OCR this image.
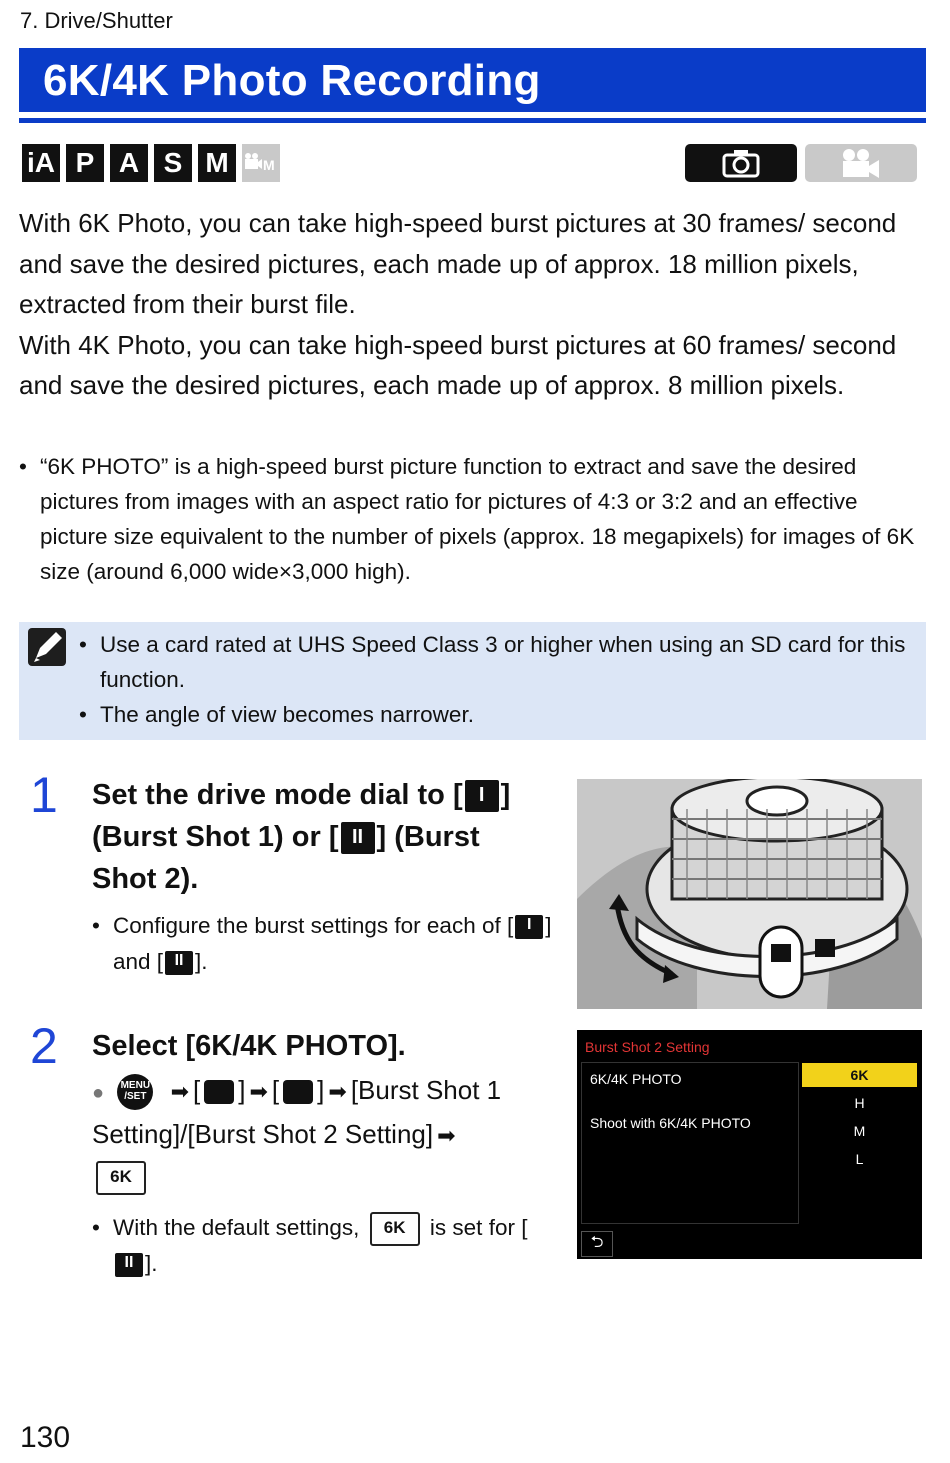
7. Drive/Shutter
6K/4K Photo Recording
iA P A S M	M

With 6K Photo, you can take high-speed burst pictures at 30 frames/ second and save the desired pictures, each made up of approx. 18 million pixels, extracted from their burst file.

With 4K Photo, you can take high-speed burst pictures at 60 frames/ second and save the desired pictures, each made up of approx. 8 million pixels.

• “6K PHOTO” is a high-speed burst picture function to extract and save the desired pictures from images with an aspect ratio for pictures of 4:3 or 3:2 and an effective picture size equivalent to the number of pixels (approx. 18 megapixels) for images of 6K size (around 6,000 wide×3,000 high).
• Use a card rated at UHS Speed Class 3 or higher when using an SD card for this function.
• The angle of view becomes narrower.
1 Set the drive mode dial to [ I ] (Burst Shot 1) or [ II ] (Burst Shot 2).
• Configure the burst settings for each of [ I ] and [ II ].
2 Select [6K/4K PHOTO].
● MENU /SET ➡ [ ] ➡ [ ] ➡ [Burst Shot 1 Setting]/[Burst Shot 2 Setting] ➡
6K
• With the default settings, 6K is set for [II ].
Burst Shot 2 Setting
6K/4K PHOTO
Shoot with 6K/4K PHOTO
6K
H
M
L
⮌
130
